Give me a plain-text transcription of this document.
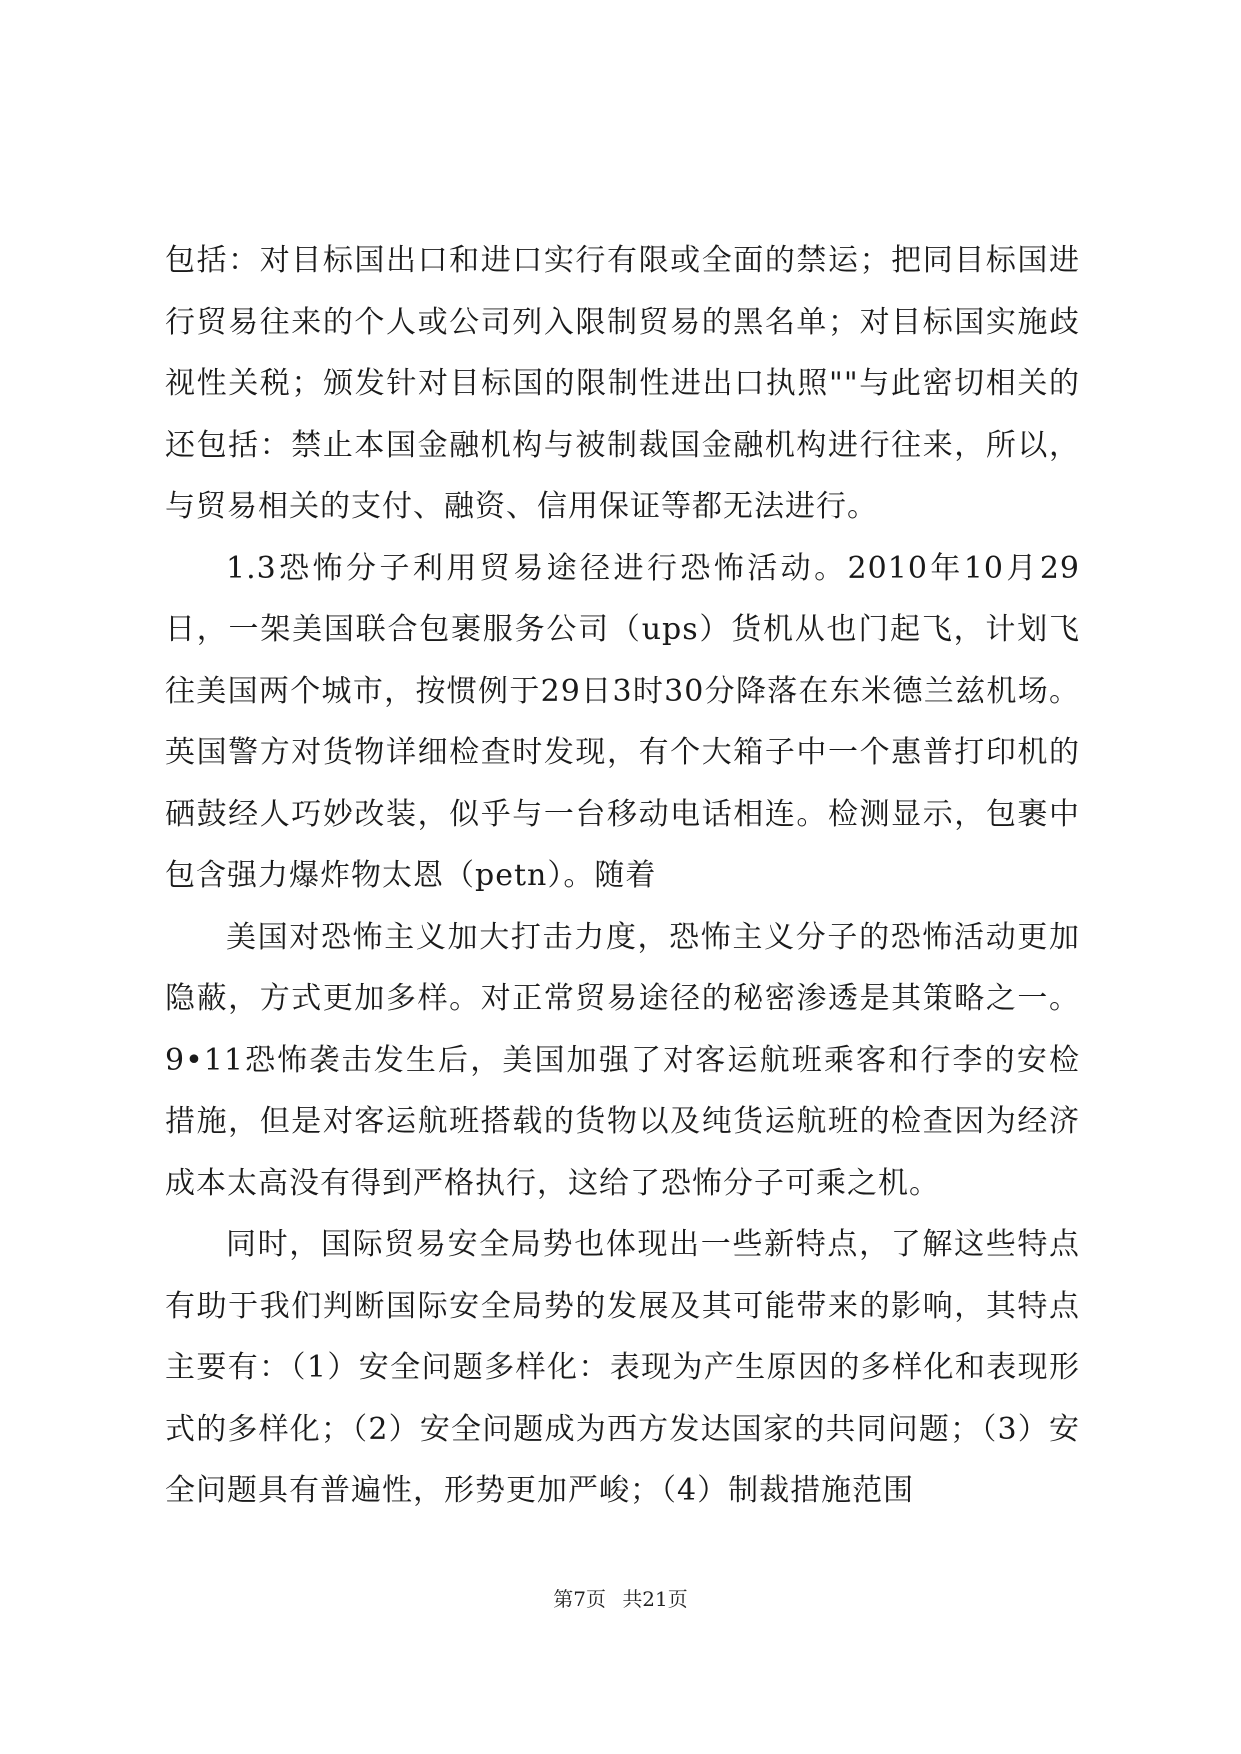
包括：对目标国出口和进口实行有限或全面的禁运；把同目标国进行贸易往来的个人或公司列入限制贸易的黑名单；对目标国实施歧视性关税；颁发针对目标国的限制性进出口执照""与此密切相关的还包括：禁止本国金融机构与被制裁国金融机构进行往来，所以，与贸易相关的支付、融资、信用保证等都无法进行。

1.3恐怖分子利用贸易途径进行恐怖活动。2010年10月29日，一架美国联合包裹服务公司（ups）货机从也门起飞，计划飞往美国两个城市，按惯例于29日3时30分降落在东米德兰兹机场。英国警方对货物详细检查时发现，有个大箱子中一个惠普打印机的硒鼓经人巧妙改装，似乎与一台移动电话相连。检测显示，包裹中包含强力爆炸物太恩（petn）。随着

美国对恐怖主义加大打击力度，恐怖主义分子的恐怖活动更加隐蔽，方式更加多样。对正常贸易途径的秘密渗透是其策略之一。9•11恐怖袭击发生后，美国加强了对客运航班乘客和行李的安检措施，但是对客运航班搭载的货物以及纯货运航班的检查因为经济成本太高没有得到严格执行，这给了恐怖分子可乘之机。

同时，国际贸易安全局势也体现出一些新特点，了解这些特点有助于我们判断国际安全局势的发展及其可能带来的影响，其特点主要有：（1）安全问题多样化：表现为产生原因的多样化和表现形式的多样化；（2）安全问题成为西方发达国家的共同问题；（3）安全问题具有普遍性，形势更加严峻；（4）制裁措施范围

第7页 共21页
